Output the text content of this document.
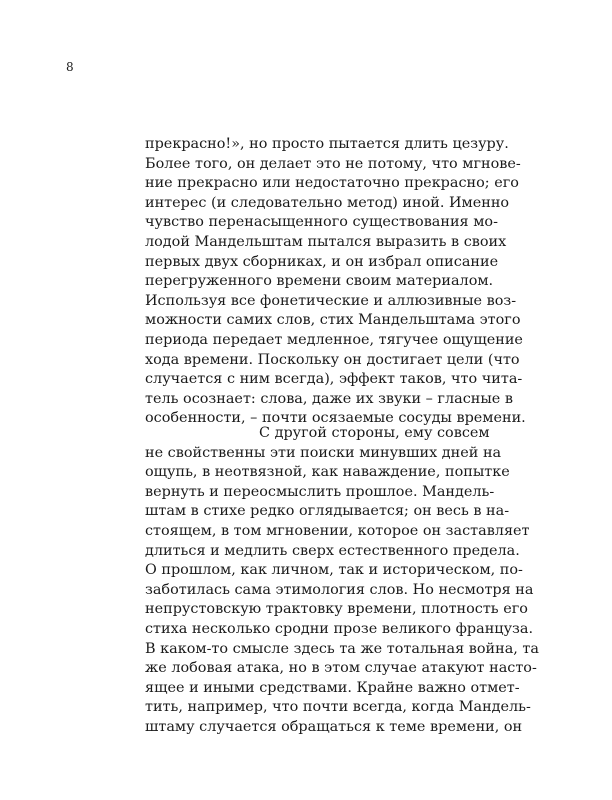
8
прекрасно!», но просто пытается длить цезуру.
Более того, он делает это не потому, что мгнове-
ние прекрасно или недостаточно прекрасно; его
интерес (и следовательно метод) иной. Именно
чувство перенасыщенного существования мо-
лодой Мандельштам пытался выразить в своих
первых двух сборниках, и он избрал описание
перегруженного времени своим материалом.
Используя все фонетические и аллюзивные воз-
можности самих слов, стих Мандельштама этого
периода передает медленное, тягучее ощущение
хода времени. Поскольку он достигает цели (что
случается с ним всегда), эффект таков, что чита-
тель осознает: слова, даже их звуки – гласные в
особенности, – почти осязаемые сосуды времени.
С другой стороны, ему совсем
не свойственны эти поиски минувших дней на
ощупь, в неотвязной, как наваждение, попытке
вернуть и переосмыслить прошлое. Мандель-
штам в стихе редко оглядывается; он весь в на-
стоящем, в том мгновении, которое он заставляет
длиться и медлить сверх естественного предела.
О прошлом, как личном, так и историческом, по-
заботилась сама этимология слов. Но несмотря на
непрустовскую трактовку времени, плотность его
стиха несколько сродни прозе великого француза.
В каком-то смысле здесь та же тотальная война, та
же лобовая атака, но в этом случае атакуют насто-
ящее и иными средствами. Крайне важно отмет-
тить, например, что почти всегда, когда Мандель-
штаму случается обращаться к теме времени, он
